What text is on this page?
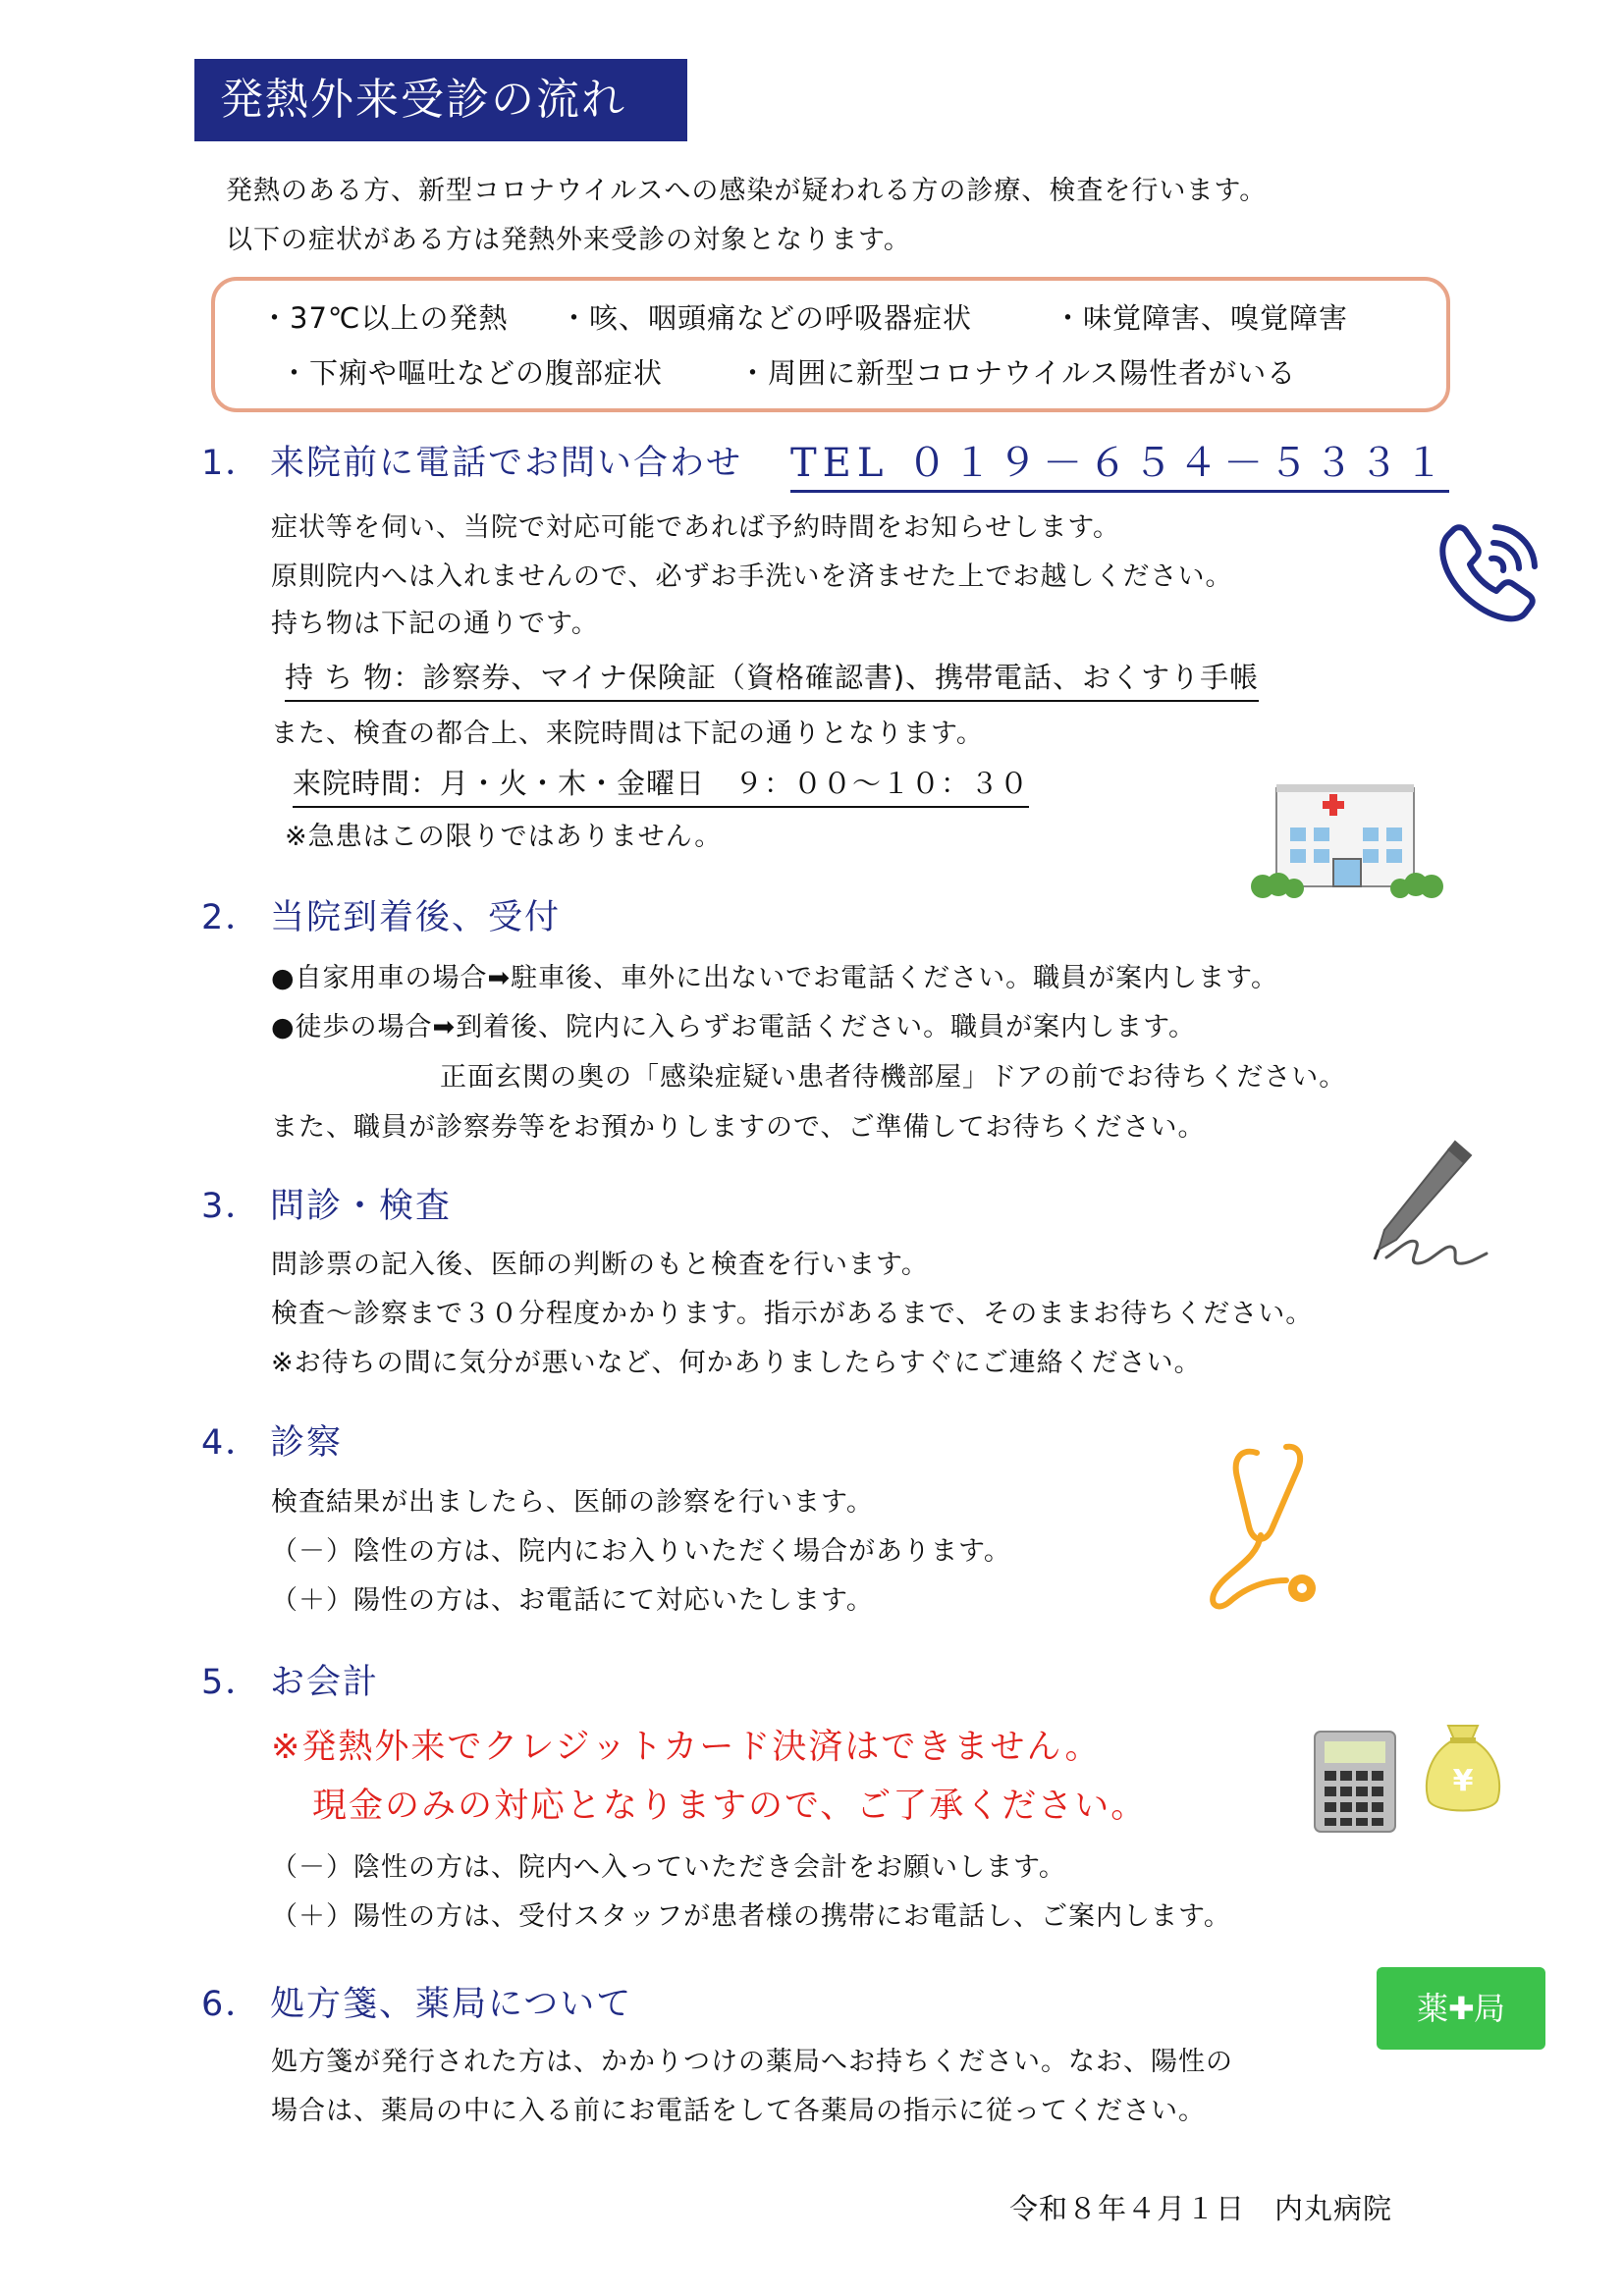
発熱外来受診の流れ
発熱のある方、新型コロナウイルスへの感染が疑われる方の診療、検査を行います。
以下の症状がある方は発熱外来受診の対象となります。
・37℃以上の発熱 ・咳、咽頭痛などの呼吸器症状	・味覚障害、嗅覚障害
・下痢や嘔吐などの腹部症状	・周囲に新型コロナウイルス陽性者がいる
1． 来院前に電話でお問い合わせ TEL ０１９－６５４－５３３１
症状等を伺い、当院で対応可能であれば予約時間をお知らせします。
原則院内へは入れませんので、必ずお手洗いを済ませた上でお越しください。
持ち物は下記の通りです。
持 ち 物：診察券、マイナ保険証（資格確認書)、携帯電話、おくすり手帳
また、検査の都合上、来院時間は下記の通りとなります。
来院時間：月・火・木・金曜日　９：００～１０：３０
※急患はこの限りではありません。
2． 当院到着後、受付
●自家用車の場合➡駐車後、車外に出ないでお電話ください。職員が案内します。
●徒歩の場合➡到着後、院内に入らずお電話ください。職員が案内します。
正面玄関の奥の「感染症疑い患者待機部屋」ドアの前でお待ちください。
また、職員が診察券等をお預かりしますので、ご準備してお待ちください。
3． 問診・検査
問診票の記入後、医師の判断のもと検査を行います。
検査～診察まで３０分程度かかります。指示があるまで、そのままお待ちください。
※お待ちの間に気分が悪いなど、何かありましたらすぐにご連絡ください。
4． 診察
検査結果が出ましたら、医師の診察を行います。
（－）陰性の方は、院内にお入りいただく場合があります。
（＋）陽性の方は、お電話にて対応いたします。
5． お会計
※発熱外来でクレジットカード決済はできません。
現金のみの対応となりますので、ご了承ください。
（－）陰性の方は、院内へ入っていただき会計をお願いします。
（＋）陽性の方は、受付スタッフが患者様の携帯にお電話し、ご案内します。
¥
6． 処方箋、薬局について
処方箋が発行された方は、かかりつけの薬局へお持ちください。なお、陽性の
場合は、薬局の中に入る前にお電話をして各薬局の指示に従ってください。
薬✚局
令和８年４月１日　内丸病院
